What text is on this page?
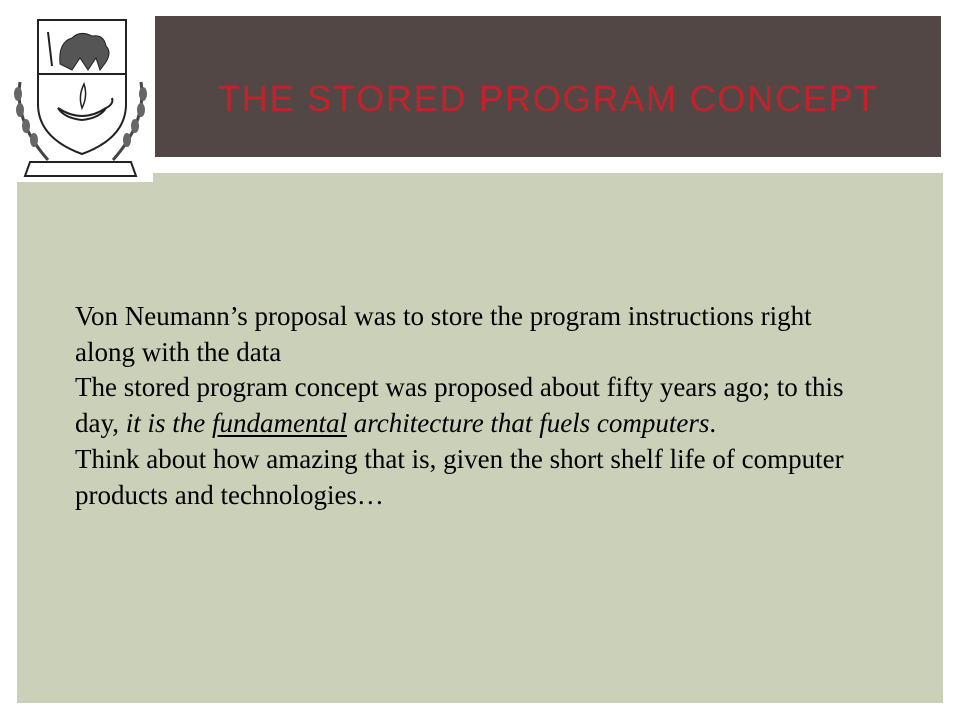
THE STORED PROGRAM CONCEPT

Von Neumann’s proposal was to store the program instructions right along with the data

The stored program concept was proposed about fifty years ago; to this day, it is the fundamental architecture that fuels computers.

Think about how amazing that is, given the short shelf life of computer products and technologies…
